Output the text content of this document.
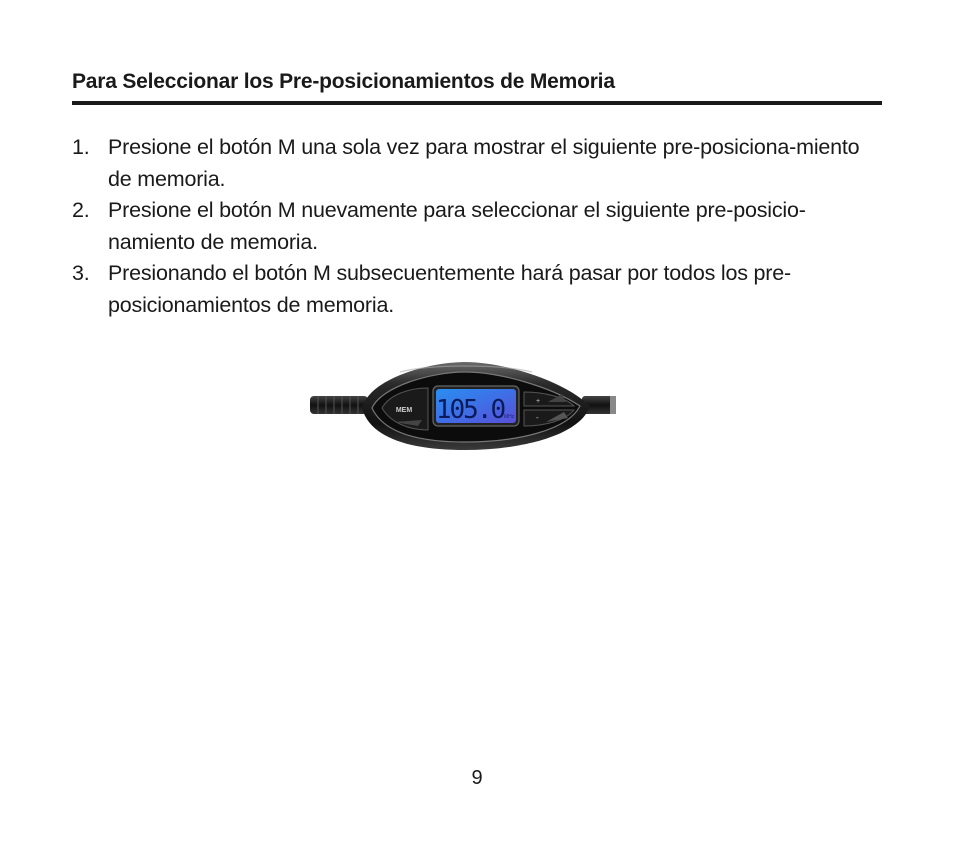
Para Seleccionar los Pre-posicionamientos de Memoria
1. Presione el botón M una sola vez para mostrar el siguiente pre-posiciona-miento de memoria.
2. Presione el botón M nuevamente para seleccionar el siguiente pre-posicio-namiento de memoria.
3. Presionando el botón M subsecuentemente hará pasar por todos los pre-posicionamientos de memoria.
MEM 105.0 MHz
+
-
9
